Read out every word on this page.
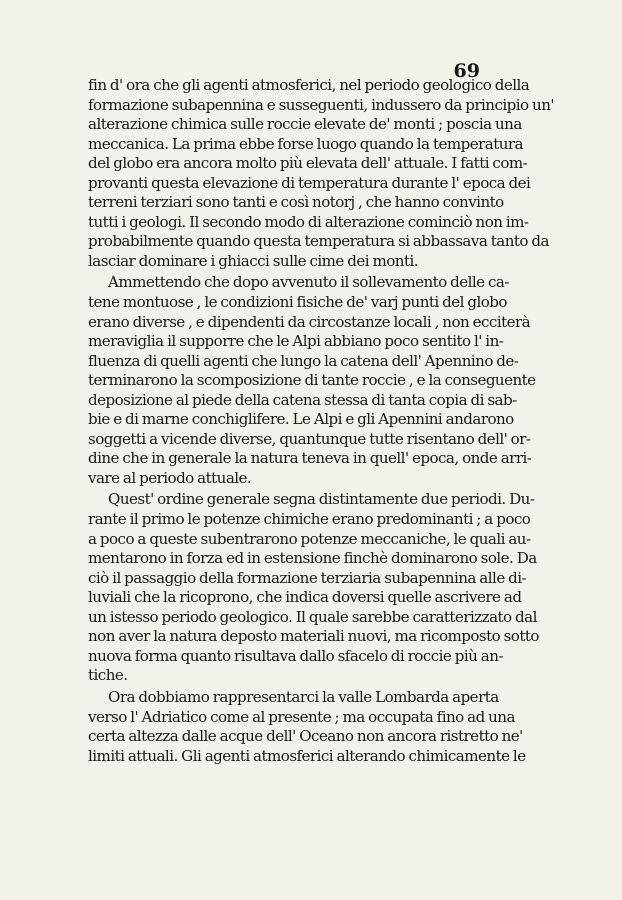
69

fin d' ora che gli agenti atmosferici, nel periodo geologico della
formazione subapennina e susseguenti, indussero da principio un'
alterazione chimica sulle roccie elevate de' monti ; poscia una
meccanica. La prima ebbe forse luogo quando la temperatura
del globo era ancora molto più elevata dell' attuale. I fatti com-
provanti questa elevazione di temperatura durante l' epoca dei
terreni terziari sono tanti e così notorj , che hanno convinto
tutti i geologi. Il secondo modo di alterazione cominciò non im-
probabilmente quando questa temperatura si abbassava tanto da
lasciar dominare i ghiacci sulle cime dei monti.

Ammettendo che dopo avvenuto il sollevamento delle ca-
tene montuose , le condizioni fisiche de' varj punti del globo
erano diverse , e dipendenti da circostanze locali , non ecciterà
meraviglia il supporre che le Alpi abbiano poco sentito l' in-
fluenza di quelli agenti che lungo la catena dell' Apennino de-
terminarono la scomposizione di tante roccie , e la conseguente
deposizione al piede della catena stessa di tanta copia di sab-
bie e di marne conchiglifere. Le Alpi e gli Apennini andarono
soggetti a vicende diverse, quantunque tutte risentano dell' or-
dine che in generale la natura teneva in quell' epoca, onde arri-
vare al periodo attuale.

Quest' ordine generale segna distintamente due periodi. Du-
rante il primo le potenze chimiche erano predominanti ; a poco
a poco a queste subentrarono potenze meccaniche, le quali au-
mentarono in forza ed in estensione finchè dominarono sole. Da
ciò il passaggio della formazione terziaria subapennina alle di-
luviali che la ricoprono, che indica doversi quelle ascrivere ad
un istesso periodo geologico. Il quale sarebbe caratterizzato dal
non aver la natura deposto materiali nuovi, ma ricomposto sotto
nuova forma quanto risultava dallo sfacelo di roccie più an-
tiche.

Ora dobbiamo rappresentarci la valle Lombarda aperta
verso l' Adriatico come al presente ; ma occupata fino ad una
certa altezza dalle acque dell' Oceano non ancora ristretto ne'
limiti attuali. Gli agenti atmosferici alterando chimicamente le
